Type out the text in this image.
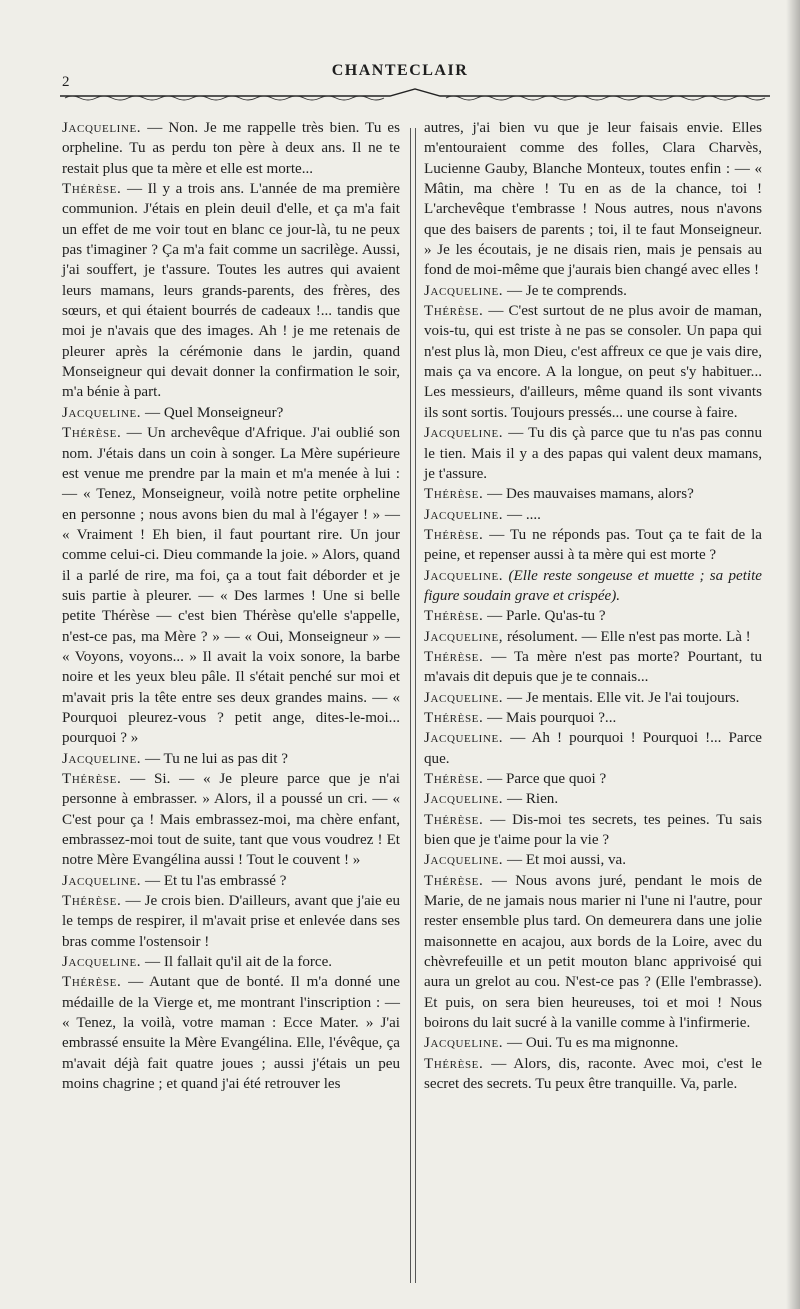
2
CHANTECLAIR

Jacqueline. — Non. Je me rappelle très bien. Tu es orpheline. Tu as perdu ton père à deux ans. Il ne te restait plus que ta mère et elle est morte...

Thérèse. — Il y a trois ans. L'année de ma première communion. J'étais en plein deuil d'elle, et ça m'a fait un effet de me voir tout en blanc ce jour-là, tu ne peux pas t'imaginer ? Ça m'a fait comme un sacrilège. Aussi, j'ai souffert, je t'assure. Toutes les autres qui avaient leurs mamans, leurs grands-parents, des frères, des sœurs, et qui étaient bourrés de cadeaux !... tandis que moi je n'avais que des images. Ah ! je me retenais de pleurer après la cérémonie dans le jardin, quand Monseigneur qui devait donner la confirmation le soir, m'a bénie à part.

Jacqueline. — Quel Monseigneur?

Thérèse. — Un archevêque d'Afrique. J'ai oublié son nom. J'étais dans un coin à songer. La Mère supérieure est venue me prendre par la main et m'a menée à lui : — « Tenez, Monseigneur, voilà notre petite orpheline en personne ; nous avons bien du mal à l'égayer ! » — « Vraiment ! Eh bien, il faut pourtant rire. Un jour comme celui-ci. Dieu commande la joie. » Alors, quand il a parlé de rire, ma foi, ça a tout fait déborder et je suis partie à pleurer. — « Des larmes ! Une si belle petite Thérèse — c'est bien Thérèse qu'elle s'appelle, n'est-ce pas, ma Mère ? » — « Oui, Monseigneur » — « Voyons, voyons... » Il avait la voix sonore, la barbe noire et les yeux bleu pâle. Il s'était penché sur moi et m'avait pris la tête entre ses deux grandes mains. — « Pourquoi pleurez-vous ? petit ange, dites-le-moi... pourquoi ? »

Jacqueline. — Tu ne lui as pas dit ?

Thérèse. — Si. — « Je pleure parce que je n'ai personne à embrasser. » Alors, il a poussé un cri. — « C'est pour ça ! Mais embrassez-moi, ma chère enfant, embrassez-moi tout de suite, tant que vous voudrez ! Et notre Mère Evangélina aussi ! Tout le couvent ! »

Jacqueline. — Et tu l'as embrassé ?

Thérèse. — Je crois bien. D'ailleurs, avant que j'aie eu le temps de respirer, il m'avait prise et enlevée dans ses bras comme l'ostensoir !

Jacqueline. — Il fallait qu'il ait de la force.

Thérèse. — Autant que de bonté. Il m'a donné une médaille de la Vierge et, me montrant l'inscription : — « Tenez, la voilà, votre maman : Ecce Mater. » J'ai embrassé ensuite la Mère Evangélina. Elle, l'évêque, ça m'avait déjà fait quatre joues ; aussi j'étais un peu moins chagrine ; et quand j'ai été retrouver les

autres, j'ai bien vu que je leur faisais envie. Elles m'entouraient comme des folles, Clara Charvès, Lucienne Gauby, Blanche Monteux, toutes enfin : — « Mâtin, ma chère ! Tu en as de la chance, toi ! L'archevêque t'embrasse ! Nous autres, nous n'avons que des baisers de parents ; toi, il te faut Monseigneur. » Je les écoutais, je ne disais rien, mais je pensais au fond de moi-même que j'aurais bien changé avec elles !

Jacqueline. — Je te comprends.

Thérèse. — C'est surtout de ne plus avoir de maman, vois-tu, qui est triste à ne pas se consoler. Un papa qui n'est plus là, mon Dieu, c'est affreux ce que je vais dire, mais ça va encore. A la longue, on peut s'y habituer... Les messieurs, d'ailleurs, même quand ils sont vivants ils sont sortis. Toujours pressés... une course à faire.

Jacqueline. — Tu dis çà parce que tu n'as pas connu le tien. Mais il y a des papas qui valent deux mamans, je t'assure.

Thérèse. — Des mauvaises mamans, alors?

Jacqueline. — ....

Thérèse. — Tu ne réponds pas. Tout ça te fait de la peine, et repenser aussi à ta mère qui est morte ?

Jacqueline. (Elle reste songeuse et muette ; sa petite figure soudain grave et crispée).

Thérèse. — Parle. Qu'as-tu ?

Jacqueline, résolument. — Elle n'est pas morte. Là !

Thérèse. — Ta mère n'est pas morte? Pourtant, tu m'avais dit depuis que je te connais...

Jacqueline. — Je mentais. Elle vit. Je l'ai toujours.

Thérèse. — Mais pourquoi ?...

Jacqueline. — Ah ! pourquoi ! Pourquoi !... Parce que.

Thérèse. — Parce que quoi ?

Jacqueline. — Rien.

Thérèse. — Dis-moi tes secrets, tes peines. Tu sais bien que je t'aime pour la vie ?

Jacqueline. — Et moi aussi, va.

Thérèse. — Nous avons juré, pendant le mois de Marie, de ne jamais nous marier ni l'une ni l'autre, pour rester ensemble plus tard. On demeurera dans une jolie maisonnette en acajou, aux bords de la Loire, avec du chèvrefeuille et un petit mouton blanc apprivoisé qui aura un grelot au cou. N'est-ce pas ? (Elle l'embrasse). Et puis, on sera bien heureuses, toi et moi ! Nous boirons du lait sucré à la vanille comme à l'infirmerie.

Jacqueline. — Oui. Tu es ma mignonne.

Thérèse. — Alors, dis, raconte. Avec moi, c'est le secret des secrets. Tu peux être tranquille. Va, parle.
